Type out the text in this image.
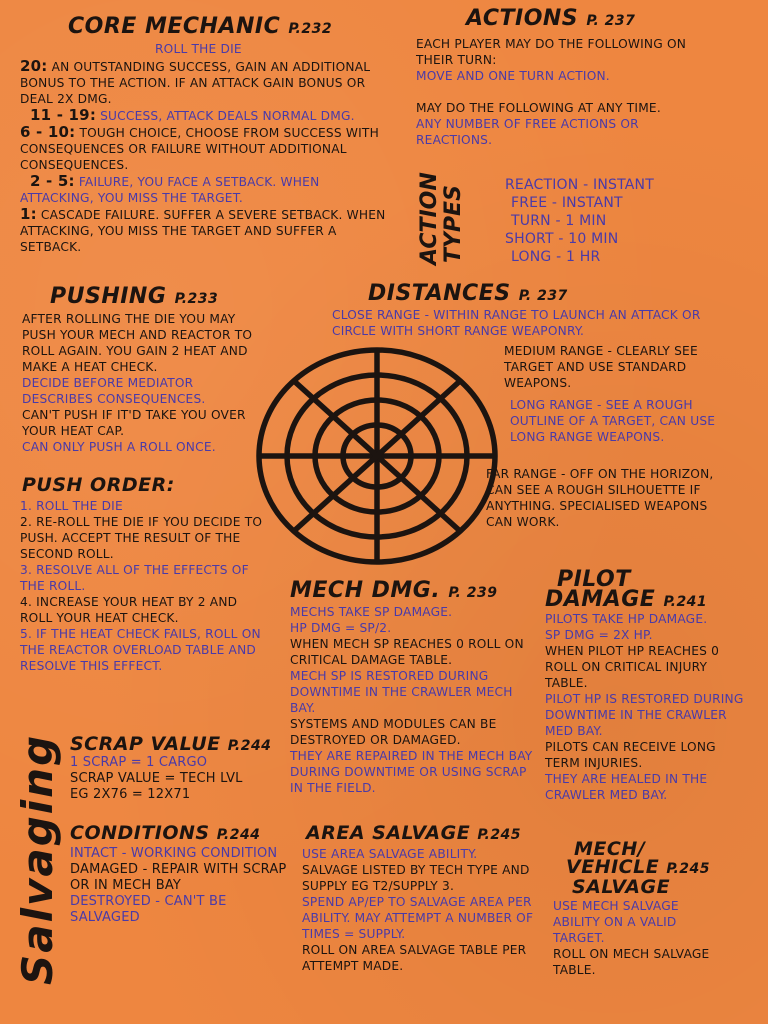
CORE MECHANIC P.232
ROLL THE DIE

20: AN OUTSTANDING SUCCESS, GAIN AN ADDITIONAL BONUS TO THE ACTION. IF AN ATTACK GAIN BONUS OR DEAL 2X DMG.

11 - 19: SUCCESS, ATTACK DEALS NORMAL DMG.

6 - 10: TOUGH CHOICE, CHOOSE FROM SUCCESS WITH CONSEQUENCES OR FAILURE WITHOUT ADDITIONAL CONSEQUENCES.

2 - 5: FAILURE, YOU FACE A SETBACK. WHEN ATTACKING, YOU MISS THE TARGET.

1: CASCADE FAILURE. SUFFER A SEVERE SETBACK. WHEN ATTACKING, YOU MISS THE TARGET AND SUFFER A SETBACK.

ACTIONS P. 237

EACH PLAYER MAY DO THE FOLLOWING ON THEIR TURN:

MOVE AND ONE TURN ACTION.

MAY DO THE FOLLOWING AT ANY TIME.

ANY NUMBER OF FREE ACTIONS OR REACTIONS.

ACTION TYPES

REACTION - INSTANT

FREE - INSTANT

TURN - 1 MIN

SHORT - 10 MIN

LONG - 1 HR

PUSHING P.233

AFTER ROLLING THE DIE YOU MAY PUSH YOUR MECH AND REACTOR TO ROLL AGAIN. YOU GAIN 2 HEAT AND MAKE A HEAT CHECK.

DECIDE BEFORE MEDIATOR DESCRIBES CONSEQUENCES.

CAN'T PUSH IF IT'D TAKE YOU OVER YOUR HEAT CAP.

CAN ONLY PUSH A ROLL ONCE.

PUSH ORDER:

1. ROLL THE DIE

2. RE-ROLL THE DIE IF YOU DECIDE TO PUSH. ACCEPT THE RESULT OF THE SECOND ROLL.

3. RESOLVE ALL OF THE EFFECTS OF THE ROLL.

4. INCREASE YOUR HEAT BY 2 AND ROLL YOUR HEAT CHECK.

5. IF THE HEAT CHECK FAILS, ROLL ON THE REACTOR OVERLOAD TABLE AND RESOLVE THIS EFFECT.

DISTANCES P. 237
CLOSE RANGE - WITHIN RANGE TO LAUNCH AN ATTACK OR CIRCLE WITH SHORT RANGE WEAPONRY.
MEDIUM RANGE - CLEARLY SEE TARGET AND USE STANDARD WEAPONS.
LONG RANGE - SEE A ROUGH OUTLINE OF A TARGET, CAN USE LONG RANGE WEAPONS.
FAR RANGE - OFF ON THE HORIZON, CAN SEE A ROUGH SILHOUETTE IF ANYTHING. SPECIALISED WEAPONS CAN WORK.
MECH DMG. P. 239

MECHS TAKE SP DAMAGE.

HP DMG = SP/2.

WHEN MECH SP REACHES 0 ROLL ON CRITICAL DAMAGE TABLE.

MECH SP IS RESTORED DURING DOWNTIME IN THE CRAWLER MECH BAY.

SYSTEMS AND MODULES CAN BE DESTROYED OR DAMAGED.

THEY ARE REPAIRED IN THE MECH BAY DURING DOWNTIME OR USING SCRAP IN THE FIELD.

PILOT
DAMAGE P.241

PILOTS TAKE HP DAMAGE.

SP DMG = 2X HP.

WHEN PILOT HP REACHES 0 ROLL ON CRITICAL INJURY TABLE.

PILOT HP IS RESTORED DURING DOWNTIME IN THE CRAWLER MED BAY.

PILOTS CAN RECEIVE LONG TERM INJURIES.

THEY ARE HEALED IN THE CRAWLER MED BAY.

Salvaging SCRAP VALUE P.244

1 SCRAP = 1 CARGO

SCRAP VALUE = TECH LVL

EG 2X76 = 12X71

CONDITIONS P.244

INTACT - WORKING CONDITION

DAMAGED - REPAIR WITH SCRAP OR IN MECH BAY

DESTROYED - CAN'T BE SALVAGED

AREA SALVAGE P.245

USE AREA SALVAGE ABILITY.

SALVAGE LISTED BY TECH TYPE AND SUPPLY EG T2/SUPPLY 3.

SPEND AP/EP TO SALVAGE AREA PER ABILITY. MAY ATTEMPT A NUMBER OF TIMES = SUPPLY.

ROLL ON AREA SALVAGE TABLE PER ATTEMPT MADE.

MECH/
VEHICLE P.245
SALVAGE

USE MECH SALVAGE ABILITY ON A VALID TARGET.

ROLL ON MECH SALVAGE TABLE.
